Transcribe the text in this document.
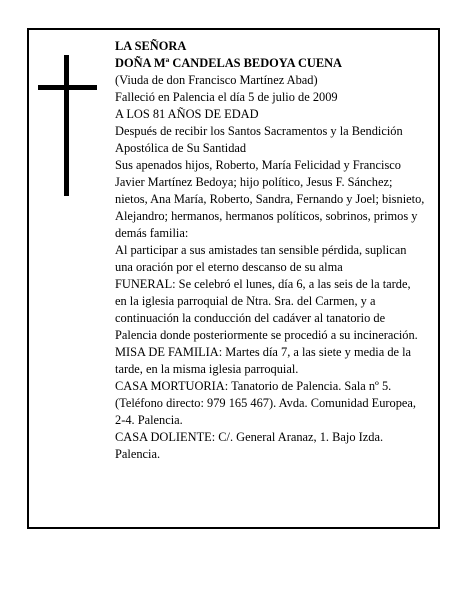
LA SEÑORA

DOÑA Mª CANDELAS BEDOYA CUENA

(Viuda de don Francisco Martínez Abad)

Falleció en Palencia el día 5 de julio de 2009

A LOS 81 AÑOS DE EDAD

Después de recibir los Santos Sacramentos y la Bendición Apostólica de Su Santidad

Sus apenados hijos, Roberto, María Felicidad y Francisco Javier Martínez Bedoya; hijo político, Jesus F. Sánchez; nietos, Ana María, Roberto, Sandra, Fernando y Joel; bisnieto, Alejandro; hermanos, hermanos políticos, sobrinos, primos y demás familia:

Al participar a sus amistades tan sensible pérdida, suplican una oración por el eterno descanso de su alma

FUNERAL: Se celebró el lunes, día 6, a las seis de la tarde, en la iglesia parroquial de Ntra. Sra. del Carmen, y a continuación la conducción del cadáver al tanatorio de Palencia donde posteriormente se procedió a su incineración.

MISA DE FAMILIA: Martes día 7, a las siete y media de la tarde, en la misma iglesia parroquial.

CASA MORTUORIA: Tanatorio de Palencia. Sala nº 5. (Teléfono directo: 979 165 467). Avda. Comunidad Europea, 2-4. Palencia.

CASA DOLIENTE: C/. General Aranaz, 1. Bajo Izda. Palencia.
